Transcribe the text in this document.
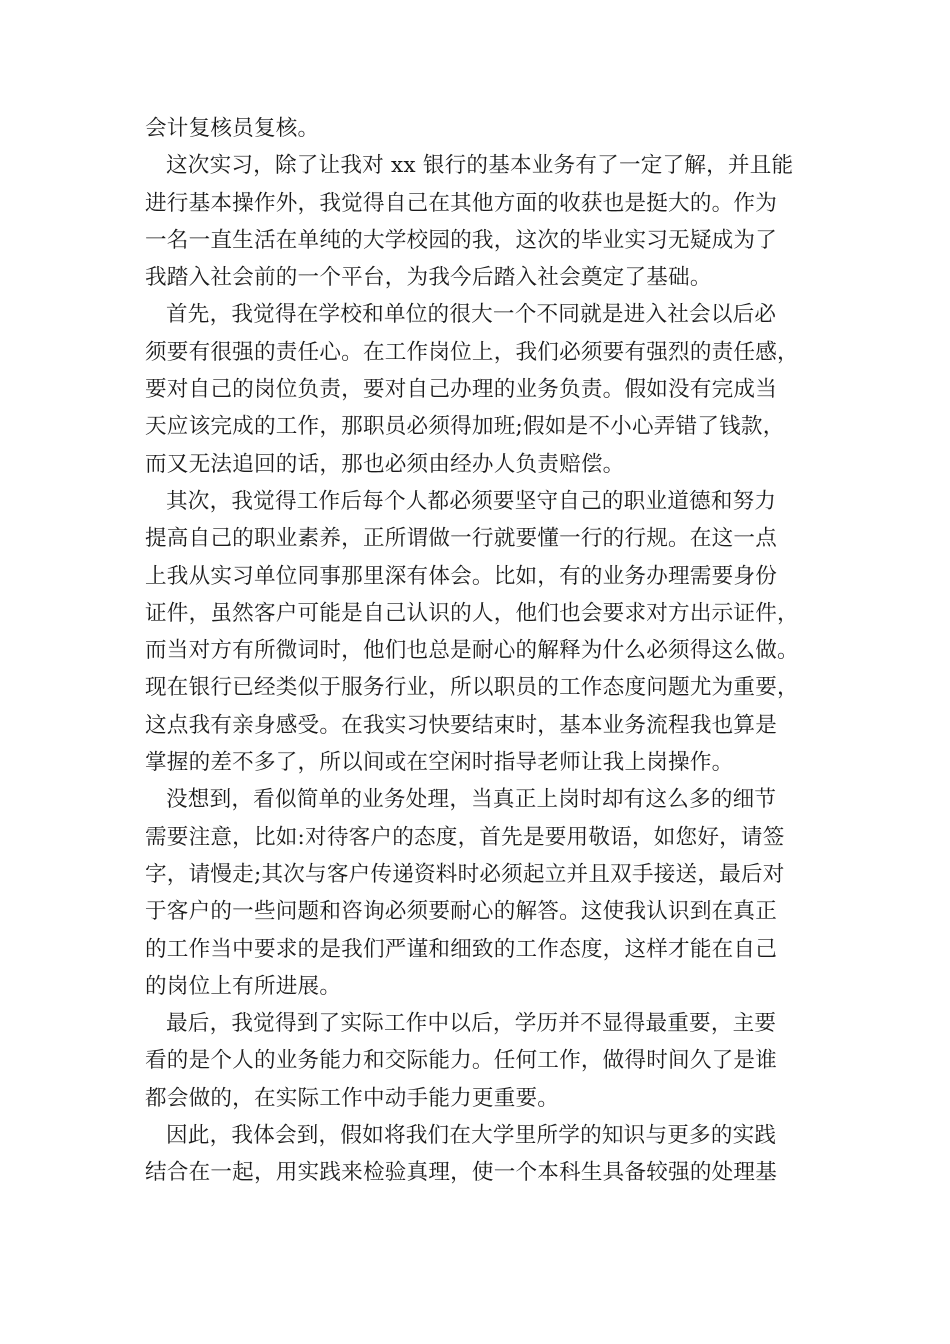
会计复核员复核。
这次实习，除了让我对 xx 银行的基本业务有了一定了解，并且能
进行基本操作外，我觉得自己在其他方面的收获也是挺大的。作为
一名一直生活在单纯的大学校园的我，这次的毕业实习无疑成为了
我踏入社会前的一个平台，为我今后踏入社会奠定了基础。
首先，我觉得在学校和单位的很大一个不同就是进入社会以后必
须要有很强的责任心。在工作岗位上，我们必须要有强烈的责任感，
要对自己的岗位负责，要对自己办理的业务负责。假如没有完成当
天应该完成的工作，那职员必须得加班;假如是不小心弄错了钱款，
而又无法追回的话，那也必须由经办人负责赔偿。
其次，我觉得工作后每个人都必须要坚守自己的职业道德和努力
提高自己的职业素养，正所谓做一行就要懂一行的行规。在这一点
上我从实习单位同事那里深有体会。比如，有的业务办理需要身份
证件，虽然客户可能是自己认识的人，他们也会要求对方出示证件，
而当对方有所微词时，他们也总是耐心的解释为什么必须得这么做。
现在银行已经类似于服务行业，所以职员的工作态度问题尤为重要，
这点我有亲身感受。在我实习快要结束时，基本业务流程我也算是
掌握的差不多了，所以间或在空闲时指导老师让我上岗操作。
没想到，看似简单的业务处理，当真正上岗时却有这么多的细节
需要注意，比如:对待客户的态度，首先是要用敬语，如您好，请签
字，请慢走;其次与客户传递资料时必须起立并且双手接送，最后对
于客户的一些问题和咨询必须要耐心的解答。这使我认识到在真正
的工作当中要求的是我们严谨和细致的工作态度，这样才能在自己
的岗位上有所进展。
最后，我觉得到了实际工作中以后，学历并不显得最重要，主要
看的是个人的业务能力和交际能力。任何工作，做得时间久了是谁
都会做的，在实际工作中动手能力更重要。
因此，我体会到，假如将我们在大学里所学的知识与更多的实践
结合在一起，用实践来检验真理，使一个本科生具备较强的处理基
